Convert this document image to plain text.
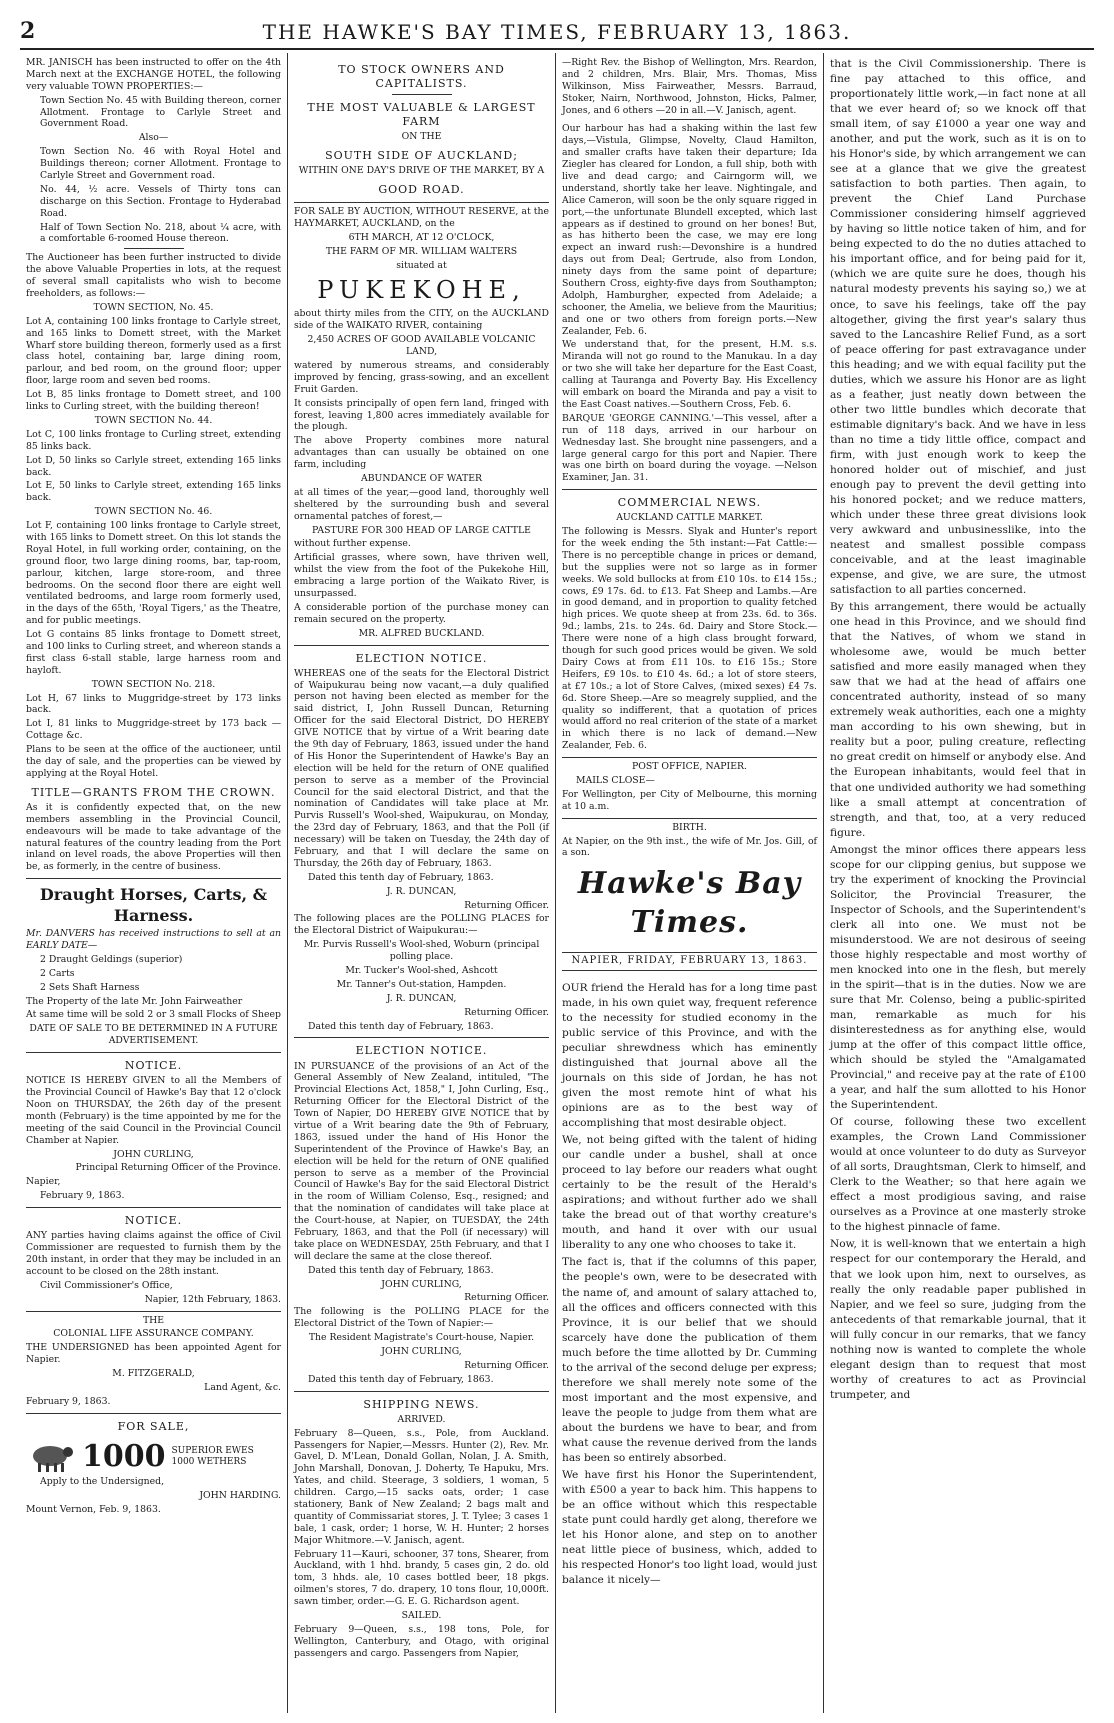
2	THE HAWKE'S BAY TIMES, FEBRUARY 13, 1863.

MR. JANISCH has been instructed to offer on the 4th March next at the EXCHANGE HOTEL, the following very valuable TOWN PROPERTIES:—

Town Section No. 45 with Building thereon, corner Allotment. Frontage to Carlyle Street and Government Road.

Also—

Town Section No. 46 with Royal Hotel and Buildings thereon; corner Allotment. Frontage to Carlyle Street and Government road.

No. 44, ½ acre. Vessels of Thirty tons can discharge on this Section. Frontage to Hyderabad Road.

Half of Town Section No. 218, about ¼ acre, with a comfortable 6-roomed House thereon.

The Auctioneer has been further instructed to divide the above Valuable Properties in lots, at the request of several small capitalists who wish to become freeholders, as follows:—

TOWN SECTION, No. 45.

Lot A, containing 100 links frontage to Carlyle street, and 165 links to Domett street, with the Market Wharf store building thereon, formerly used as a first class hotel, containing bar, large dining room, parlour, and bed room, on the ground floor; upper floor, large room and seven bed rooms.

Lot B, 85 links frontage to Domett street, and 100 links to Curling street, with the building thereon!

TOWN SECTION No. 44.

Lot C, 100 links frontage to Curling street, extending 85 links back.

Lot D, 50 links so Carlyle street, extending 165 links back.

Lot E, 50 links to Carlyle street, extending 165 links back.

TOWN SECTION No. 46.

Lot F, containing 100 links frontage to Carlyle street, with 165 links to Domett street. On this lot stands the Royal Hotel, in full working order, containing, on the ground floor, two large dining rooms, bar, tap-room, parlour, kitchen, large store-room, and three bedrooms. On the second floor there are eight well ventilated bedrooms, and large room formerly used, in the days of the 65th, 'Royal Tigers,' as the Theatre, and for public meetings.

Lot G contains 85 links frontage to Domett street, and 100 links to Curling street, and whereon stands a first class 6-stall stable, large harness room and hayloft.

TOWN SECTION No. 218.

Lot H, 67 links to Muggridge-street by 173 links back.

Lot I, 81 links to Muggridge-street by 173 back —Cottage &c.

Plans to be seen at the office of the auctioneer, until the day of sale, and the properties can be viewed by applying at the Royal Hotel.

TITLE—GRANTS FROM THE CROWN.

As it is confidently expected that, on the new members assembling in the Provincial Council, endeavours will be made to take advantage of the natural features of the country leading from the Port inland on level roads, the above Properties will then be, as formerly, in the centre of business.

Draught Horses, Carts, & Harness.

Mr. DANVERS has received instructions to sell at an EARLY DATE—

2 Draught Geldings (superior)

2 Carts

2 Sets Shaft Harness

The Property of the late Mr. John Fairweather

At same time will be sold 2 or 3 small Flocks of Sheep

DATE OF SALE TO BE DETERMINED IN A FUTURE ADVERTISEMENT.

NOTICE.

NOTICE IS HEREBY GIVEN to all the Members of the Provincial Council of Hawke's Bay that 12 o'clock Noon on THURSDAY, the 26th day of the present month (February) is the time appointed by me for the meeting of the said Council in the Provincial Council Chamber at Napier.

JOHN CURLING,

Principal Returning Officer of the Province.

Napier,

February 9, 1863.

NOTICE.

ANY parties having claims against the office of Civil Commissioner are requested to furnish them by the 20th instant, in order that they may be included in an account to be closed on the 28th instant.

Civil Commissioner's Office,

Napier, 12th February, 1863.

THE

COLONIAL LIFE ASSURANCE COMPANY.

THE UNDERSIGNED has been appointed Agent for Napier.

M. FITZGERALD,

Land Agent, &c.

February 9, 1863.

FOR SALE,

1000 SUPERIOR EWES
1000 WETHERS

Apply to the Undersigned,

JOHN HARDING.

Mount Vernon, Feb. 9, 1863.

TO STOCK OWNERS AND CAPITALISTS.

THE MOST VALUABLE & LARGEST FARM

ON THE

SOUTH SIDE OF AUCKLAND;

WITHIN ONE DAY'S DRIVE OF THE MARKET, BY A

GOOD ROAD.

FOR SALE BY AUCTION, WITHOUT RESERVE, at the HAYMARKET, AUCKLAND, on the

6TH MARCH, AT 12 O'CLOCK,

THE FARM OF MR. WILLIAM WALTERS

situated at

PUKEKOHE,

about thirty miles from the CITY, on the AUCKLAND side of the WAIKATO RIVER, containing

2,450 ACRES OF GOOD AVAILABLE VOLCANIC LAND,

watered by numerous streams, and considerably improved by fencing, grass-sowing, and an excellent Fruit Garden.

It consists principally of open fern land, fringed with forest, leaving 1,800 acres immediately available for the plough.

The above Property combines more natural advantages than can usually be obtained on one farm, including

ABUNDANCE OF WATER

at all times of the year,—good land, thoroughly well sheltered by the surrounding bush and several ornamental patches of forest,—

PASTURE FOR 300 HEAD OF LARGE CATTLE

without further expense.

Artificial grasses, where sown, have thriven well, whilst the view from the foot of the Pukekohe Hill, embracing a large portion of the Waikato River, is unsurpassed.

A considerable portion of the purchase money can remain secured on the property.

MR. ALFRED BUCKLAND.

ELECTION NOTICE.

WHEREAS one of the seats for the Electoral District of Waipukurau being now vacant,—a duly qualified person not having been elected as member for the said district, I, John Russell Duncan, Returning Officer for the said Electoral District, DO HEREBY GIVE NOTICE that by virtue of a Writ bearing date the 9th day of February, 1863, issued under the hand of His Honor the Superintendent of Hawke's Bay an election will be held for the return of ONE qualified person to serve as a member of the Provincial Council for the said electoral District, and that the nomination of Candidates will take place at Mr. Purvis Russell's Wool-shed, Waipukurau, on Monday, the 23rd day of February, 1863, and that the Poll (if necessary) will be taken on Tuesday, the 24th day of February, and that I will declare the same on Thursday, the 26th day of February, 1863.

Dated this tenth day of February, 1863.

J. R. DUNCAN,

Returning Officer.

The following places are the POLLING PLACES for the Electoral District of Waipukurau:—

Mr. Purvis Russell's Wool-shed, Woburn (principal polling place.

Mr. Tucker's Wool-shed, Ashcott

Mr. Tanner's Out-station, Hampden.

J. R. DUNCAN,

Returning Officer.

Dated this tenth day of February, 1863.

ELECTION NOTICE.

IN PURSUANCE of the provisions of an Act of the General Assembly of New Zealand, intituled, "The Provincial Elections Act, 1858," I, John Curling, Esq., Returning Officer for the Electoral District of the Town of Napier, DO HEREBY GIVE NOTICE that by virtue of a Writ bearing date the 9th of February, 1863, issued under the hand of His Honor the Superintendent of the Province of Hawke's Bay, an election will be held for the return of ONE qualified person to serve as a member of the Provincial Council of Hawke's Bay for the said Electoral District in the room of William Colenso, Esq., resigned; and that the nomination of candidates will take place at the Court-house, at Napier, on TUESDAY, the 24th February, 1863, and that the Poll (if necessary) will take place on WEDNESDAY, 25th February, and that I will declare the same at the close thereof.

Dated this tenth day of February, 1863.

JOHN CURLING,

Returning Officer.

The following is the POLLING PLACE for the Electoral District of the Town of Napier:—

The Resident Magistrate's Court-house, Napier.

JOHN CURLING,

Returning Officer.

Dated this tenth day of February, 1863.

SHIPPING NEWS.

ARRIVED.

February 8—Queen, s.s., Pole, from Auckland. Passengers for Napier,—Messrs. Hunter (2), Rev. Mr. Gavel, D. M'Lean, Donald Gollan, Nolan, J. A. Smith, John Marshall, Donovan, J. Doherty, Te Hapuku, Mrs. Yates, and child. Steerage, 3 soldiers, 1 woman, 5 children. Cargo,—15 sacks oats, order; 1 case stationery, Bank of New Zealand; 2 bags malt and quantity of Commissariat stores, J. T. Tylee; 3 cases 1 bale, 1 cask, order; 1 horse, W. H. Hunter; 2 horses Major Whitmore.—V. Janisch, agent.

February 11—Kauri, schooner, 37 tons, Shearer, from Auckland, with 1 hhd. brandy, 5 cases gin, 2 do. old tom, 3 hhds. ale, 10 cases bottled beer, 18 pkgs. oilmen's stores, 7 do. drapery, 10 tons flour, 10,000ft. sawn timber, order.—G. E. G. Richardson agent.

SAILED.

February 9—Queen, s.s., 198 tons, Pole, for Wellington, Canterbury, and Otago, with original passengers and cargo. Passengers from Napier,

—Right Rev. the Bishop of Wellington, Mrs. Reardon, and 2 children, Mrs. Blair, Mrs. Thomas, Miss Wilkinson, Miss Fairweather, Messrs. Barraud, Stoker, Nairn, Northwood, Johnston, Hicks, Palmer, Jones, and 6 others —20 in all.—V. Janisch, agent.

Our harbour has had a shaking within the last few days,—Vistula, Glimpse, Novelty, Claud Hamilton, and smaller crafts have taken their departure; Ida Ziegler has cleared for London, a full ship, both with live and dead cargo; and Cairngorm will, we understand, shortly take her leave. Nightingale, and Alice Cameron, will soon be the only square rigged in port,—the unfortunate Blundell excepted, which last appears as if destined to ground on her bones! But, as has hitherto been the case, we may ere long expect an inward rush:—Devonshire is a hundred days out from Deal; Gertrude, also from London, ninety days from the same point of departure; Southern Cross, eighty-five days from Southampton; Adolph, Hamburgher, expected from Adelaide; a schooner, the Amelia, we believe from the Mauritius; and one or two others from foreign ports.—New Zealander, Feb. 6.

We understand that, for the present, H.M. s.s. Miranda will not go round to the Manukau. In a day or two she will take her departure for the East Coast, calling at Tauranga and Poverty Bay. His Excellency will embark on board the Miranda and pay a visit to the East Coast natives.—Southern Cross, Feb. 6.

BARQUE 'GEORGE CANNING.'—This vessel, after a run of 118 days, arrived in our harbour on Wednesday last. She brought nine passengers, and a large general cargo for this port and Napier. There was one birth on board during the voyage. —Nelson Examiner, Jan. 31.

COMMERCIAL NEWS.

AUCKLAND CATTLE MARKET.

The following is Messrs. Slyak and Hunter's report for the week ending the 5th instant:—Fat Cattle:—There is no perceptible change in prices or demand, but the supplies were not so large as in former weeks. We sold bullocks at from £10 10s. to £14 15s.; cows, £9 17s. 6d. to £13. Fat Sheep and Lambs.—Are in good demand, and in proportion to quality fetched high prices. We quote sheep at from 23s. 6d. to 36s. 9d.; lambs, 21s. to 24s. 6d. Dairy and Store Stock.—There were none of a high class brought forward, though for such good prices would be given. We sold Dairy Cows at from £11 10s. to £16 15s.; Store Heifers, £9 10s. to £10 4s. 6d.; a lot of store steers, at £7 10s.; a lot of Store Calves, (mixed sexes) £4 7s. 6d. Store Sheep.—Are so meagrely supplied, and the quality so indifferent, that a quotation of prices would afford no real criterion of the state of a market in which there is no lack of demand.—New Zealander, Feb. 6.

POST OFFICE, NAPIER.

MAILS CLOSE—

For Wellington, per City of Melbourne, this morning at 10 a.m.

BIRTH.

At Napier, on the 9th inst., the wife of Mr. Jos. Gill, of a son.

Hawke's Bay Times.

NAPIER, FRIDAY, FEBRUARY 13, 1863.

OUR friend the Herald has for a long time past made, in his own quiet way, frequent reference to the necessity for studied economy in the public service of this Province, and with the peculiar shrewdness which has eminently distinguished that journal above all the journals on this side of Jordan, he has not given the most remote hint of what his opinions are as to the best way of accomplishing that most desirable object.

We, not being gifted with the talent of hiding our candle under a bushel, shall at once proceed to lay before our readers what ought certainly to be the result of the Herald's aspirations; and without further ado we shall take the bread out of that worthy creature's mouth, and hand it over with our usual liberality to any one who chooses to take it.

The fact is, that if the columns of this paper, the people's own, were to be desecrated with the name of, and amount of salary attached to, all the offices and officers connected with this Province, it is our belief that we should scarcely have done the publication of them much before the time allotted by Dr. Cumming to the arrival of the second deluge per express; therefore we shall merely note some of the most important and the most expensive, and leave the people to judge from them what are about the burdens we have to bear, and from what cause the revenue derived from the lands has been so entirely absorbed.

We have first his Honor the Superintendent, with £500 a year to back him. This happens to be an office without which this respectable state punt could hardly get along, therefore we let his Honor alone, and step on to another neat little piece of business, which, added to his respected Honor's too light load, would just balance it nicely—

that is the Civil Commissionership. There is fine pay attached to this office, and proportionately little work,—in fact none at all that we ever heard of; so we knock off that small item, of say £1000 a year one way and another, and put the work, such as it is on to his Honor's side, by which arrangement we can see at a glance that we give the greatest satisfaction to both parties. Then again, to prevent the Chief Land Purchase Commissioner considering himself aggrieved by having so little notice taken of him, and for being expected to do the no duties attached to his important office, and for being paid for it, (which we are quite sure he does, though his natural modesty prevents his saying so,) we at once, to save his feelings, take off the pay altogether, giving the first year's salary thus saved to the Lancashire Relief Fund, as a sort of peace offering for past extravagance under this heading; and we with equal facility put the duties, which we assure his Honor are as light as a feather, just neatly down between the other two little bundles which decorate that estimable dignitary's back. And we have in less than no time a tidy little office, compact and firm, with just enough work to keep the honored holder out of mischief, and just enough pay to prevent the devil getting into his honored pocket; and we reduce matters, which under these three great divisions look very awkward and unbusinesslike, into the neatest and smallest possible compass conceivable, and at the least imaginable expense, and give, we are sure, the utmost satisfaction to all parties concerned.

By this arrangement, there would be actually one head in this Province, and we should find that the Natives, of whom we stand in wholesome awe, would be much better satisfied and more easily managed when they saw that we had at the head of affairs one concentrated authority, instead of so many extremely weak authorities, each one a mighty man according to his own shewing, but in reality but a poor, puling creature, reflecting no great credit on himself or anybody else. And the European inhabitants, would feel that in that one undivided authority we had something like a small attempt at concentration of strength, and that, too, at a very reduced figure.

Amongst the minor offices there appears less scope for our clipping genius, but suppose we try the experiment of knocking the Provincial Solicitor, the Provincial Treasurer, the Inspector of Schools, and the Superintendent's clerk all into one. We must not be misunderstood. We are not desirous of seeing those highly respectable and most worthy of men knocked into one in the flesh, but merely in the spirit—that is in the duties. Now we are sure that Mr. Colenso, being a public-spirited man, remarkable as much for his disinterestedness as for anything else, would jump at the offer of this compact little office, which should be styled the "Amalgamated Provincial," and receive pay at the rate of £100 a year, and half the sum allotted to his Honor the Superintendent.

Of course, following these two excellent examples, the Crown Land Commissioner would at once volunteer to do duty as Surveyor of all sorts, Draughtsman, Clerk to himself, and Clerk to the Weather; so that here again we effect a most prodigious saving, and raise ourselves as a Province at one masterly stroke to the highest pinnacle of fame.

Now, it is well-known that we entertain a high respect for our contemporary the Herald, and that we look upon him, next to ourselves, as really the only readable paper published in Napier, and we feel so sure, judging from the antecedents of that remarkable journal, that it will fully concur in our remarks, that we fancy nothing now is wanted to complete the whole elegant design than to request that most worthy of creatures to act as Provincial trumpeter, and
